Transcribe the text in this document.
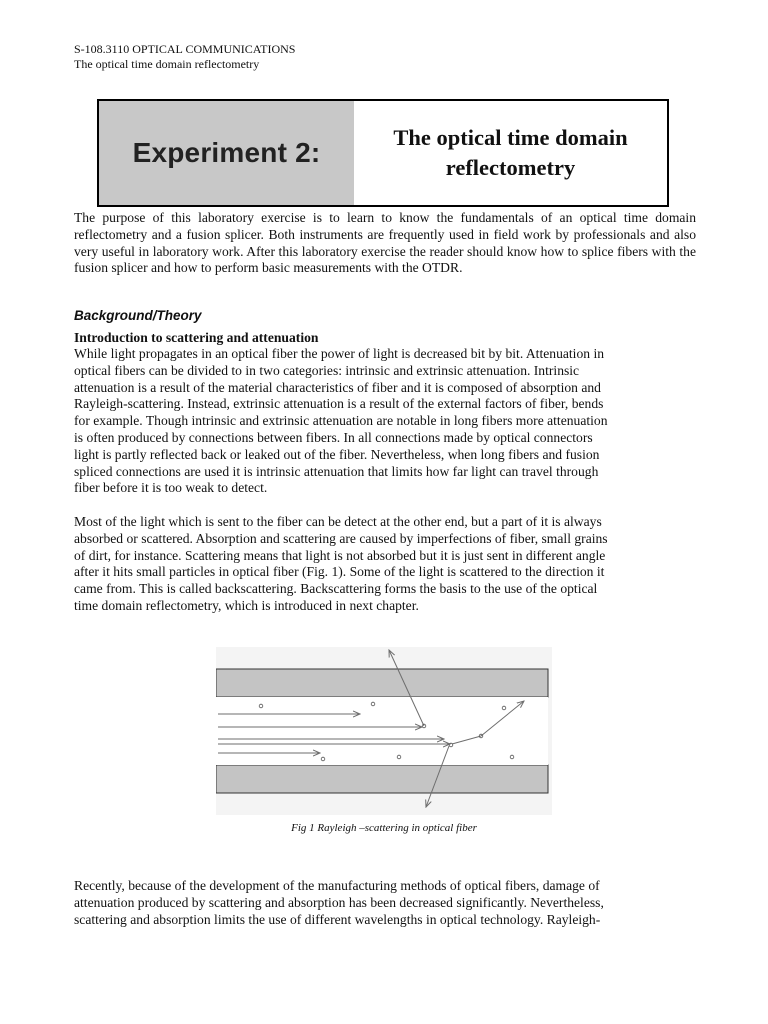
S-108.3110 OPTICAL COMMUNICATIONS
The optical time domain reflectometry
Experiment 2:	The optical time domain reflectometry
The purpose of this laboratory exercise is to learn to know the fundamentals of an optical time domain reflectometry and a fusion splicer. Both instruments are frequently used in field work by professionals and also very useful in laboratory work. After this laboratory exercise the reader should know how to splice fibers with the fusion splicer and how to perform basic measurements with the OTDR.
Background/Theory
Introduction to scattering and attenuation
While light propagates in an optical fiber the power of light is decreased bit by bit. Attenuation in
optical fibers can be divided to in two categories: intrinsic and extrinsic attenuation. Intrinsic
attenuation is a result of the material characteristics of fiber and it is composed of absorption and
Rayleigh-scattering. Instead, extrinsic attenuation is a result of the external factors of fiber, bends
for example. Though intrinsic and extrinsic attenuation are notable in long fibers more attenuation
is often produced by connections between fibers. In all connections made by optical connectors
light is partly reflected back or leaked out of the fiber. Nevertheless, when long fibers and fusion
spliced connections are used it is intrinsic attenuation that limits how far light can travel through
fiber before it is too weak to detect.
Most of the light which is sent to the fiber can be detect at the other end, but a part of it is always
absorbed or scattered. Absorption and scattering are caused by imperfections of fiber, small grains
of dirt, for instance. Scattering means that light is not absorbed but it is just sent in different angle
after it hits small particles in optical fiber (Fig. 1). Some of the light is scattered to the direction it
came from. This is called backscattering. Backscattering forms the basis to the use of the optical
time domain reflectometry, which is introduced in next chapter.
Fig 1 Rayleigh –scattering in optical fiber
Recently, because of the development of the manufacturing methods of optical fibers, damage of
attenuation produced by scattering and absorption has been decreased significantly. Nevertheless,
scattering and absorption limits the use of different wavelengths in optical technology. Rayleigh-
